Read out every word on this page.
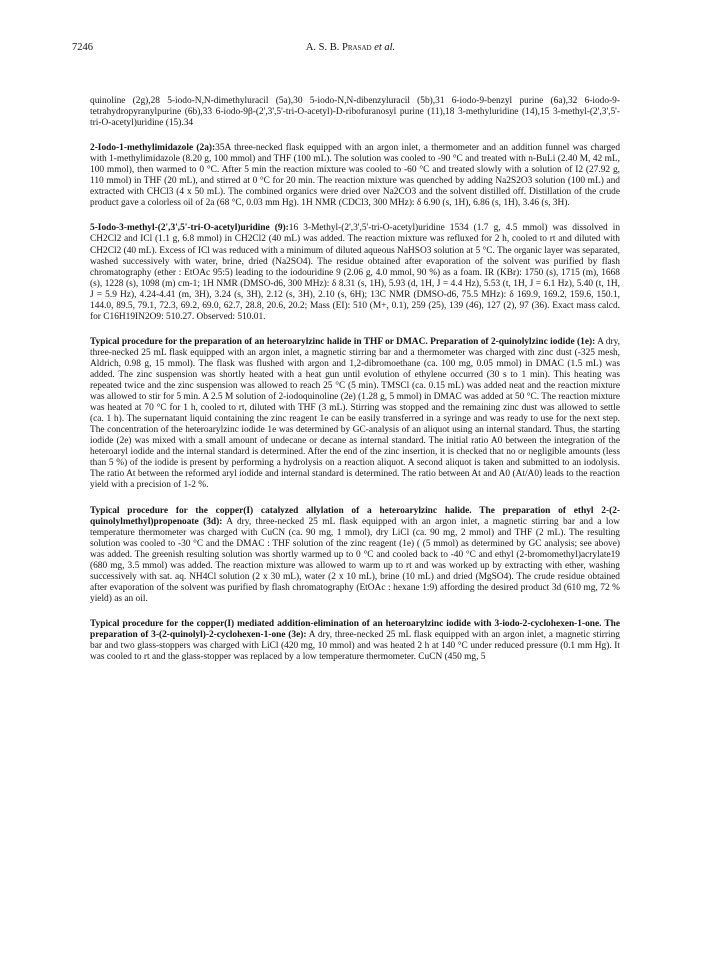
7246	A. S. B. Prasad et al.

quinoline (2g),28 5-iodo-N,N-dimethyluracil (5a),30 5-iodo-N,N-dibenzyluracil (5b),31 6-iodo-9-benzyl purine (6a),32 6-iodo-9-tetrahydropyranylpurine (6b),33 6-iodo-9β-(2',3',5'-tri-O-acetyl)-D-ribofuranosyl purine (11),18 3-methyluridine (14),15 3-methyl-(2',3',5'-tri-O-acetyl)uridine (15).34

2-Iodo-1-methylimidazole (2a):35A three-necked flask equipped with an argon inlet, a thermometer and an addition funnel was charged with 1-methylimidazole (8.20 g, 100 mmol) and THF (100 mL). The solution was cooled to -90 °C and treated with n-BuLi (2.40 M, 42 mL, 100 mmol), then warmed to 0 °C. After 5 min the reaction mixture was cooled to -60 °C and treated slowly with a solution of I2 (27.92 g, 110 mmol) in THF (20 mL), and stirred at 0 °C for 20 min. The reaction mixture was quenched by adding Na2S2O3 solution (100 mL) and extracted with CHCl3 (4 x 50 mL). The combined organics were dried over Na2CO3 and the solvent distilled off. Distillation of the crude product gave a colorless oil of 2a (68 °C, 0.03 mm Hg). 1H NMR (CDCl3, 300 MHz): δ 6.90 (s, 1H), 6.86 (s, 1H), 3.46 (s, 3H).

5-Iodo-3-methyl-(2',3',5'-tri-O-acetyl)uridine (9):16 3-Methyl-(2',3',5'-tri-O-acetyl)uridine 1534 (1.7 g, 4.5 mmol) was dissolved in CH2Cl2 and ICl (1.1 g, 6.8 mmol) in CH2Cl2 (40 mL) was added. The reaction mixture was refluxed for 2 h, cooled to rt and diluted with CH2Cl2 (40 mL). Excess of ICl was reduced with a minimum of diluted aqueous NaHSO3 solution at 5 °C. The organic layer was separated, washed successively with water, brine, dried (Na2SO4). The residue obtained after evaporation of the solvent was purified by flash chromatography (ether : EtOAc 95:5) leading to the iodouridine 9 (2.06 g, 4.0 mmol, 90 %) as a foam. IR (KBr): 1750 (s), 1715 (m), 1668 (s), 1228 (s), 1098 (m) cm-1; 1H NMR (DMSO-d6, 300 MHz): δ 8.31 (s, 1H), 5.93 (d, 1H, J = 4.4 Hz), 5.53 (t, 1H, J = 6.1 Hz), 5.40 (t, 1H, J = 5.9 Hz), 4.24-4.41 (m, 3H), 3.24 (s, 3H), 2.12 (s, 3H), 2.10 (s, 6H); 13C NMR (DMSO-d6, 75.5 MHz): δ 169.9, 169.2, 159.6, 150.1, 144.0, 89.5, 79.1, 72.3, 69.2, 69.0, 62.7, 28.8, 20.6, 20.2; Mass (EI): 510 (M+, 0.1), 259 (25), 139 (46), 127 (2), 97 (36). Exact mass calcd. for C16H19IN2O9: 510.27. Observed: 510.01.

Typical procedure for the preparation of an heteroarylzinc halide in THF or DMAC. Preparation of 2-quinolylzinc iodide (1e): A dry, three-necked 25 mL flask equipped with an argon inlet, a magnetic stirring bar and a thermometer was charged with zinc dust (-325 mesh, Aldrich, 0.98 g, 15 mmol). The flask was flushed with argon and 1,2-dibromoethane (ca. 100 mg, 0.05 mmol) in DMAC (1.5 mL) was added. The zinc suspension was shortly heated with a heat gun until evolution of ethylene occurred (30 s to 1 min). This heating was repeated twice and the zinc suspension was allowed to reach 25 °C (5 min). TMSCl (ca. 0.15 mL) was added neat and the reaction mixture was allowed to stir for 5 min. A 2.5 M solution of 2-iodoquinoline (2e) (1.28 g, 5 mmol) in DMAC was added at 50 °C. The reaction mixture was heated at 70 °C for 1 h, cooled to rt, diluted with THF (3 mL). Stirring was stopped and the remaining zinc dust was allowed to settle (ca. 1 h). The supernatant liquid containing the zinc reagent 1e can be easily transferred in a syringe and was ready to use for the next step. The concentration of the heteroarylzinc iodide 1e was determined by GC-analysis of an aliquot using an internal standard. Thus, the starting iodide (2e) was mixed with a small amount of undecane or decane as internal standard. The initial ratio A0 between the integration of the heteroaryl iodide and the internal standard is determined. After the end of the zinc insertion, it is checked that no or negligible amounts (less than 5 %) of the iodide is present by performing a hydrolysis on a reaction aliquot. A second aliquot is taken and submitted to an iodolysis. The ratio At between the reformed aryl iodide and internal standard is determined. The ratio between At and A0 (At/A0) leads to the reaction yield with a precision of 1-2 %.

Typical procedure for the copper(I) catalyzed allylation of a heteroarylzinc halide. The preparation of ethyl 2-(2-quinolylmethyl)propenoate (3d): A dry, three-necked 25 mL flask equipped with an argon inlet, a magnetic stirring bar and a low temperature thermometer was charged with CuCN (ca. 90 mg, 1 mmol), dry LiCl (ca. 90 mg, 2 mmol) and THF (2 mL). The resulting solution was cooled to -30 °C and the DMAC : THF solution of the zinc reagent (1e) ( (5 mmol) as determined by GC analysis; see above) was added. The greenish resulting solution was shortly warmed up to 0 °C and cooled back to -40 °C and ethyl (2-bromomethyl)acrylate19 (680 mg, 3.5 mmol) was added. The reaction mixture was allowed to warm up to rt and was worked up by extracting with ether, washing successively with sat. aq. NH4Cl solution (2 x 30 mL), water (2 x 10 mL), brine (10 mL) and dried (MgSO4). The crude residue obtained after evaporation of the solvent was purified by flash chromatography (EtOAc : hexane 1:9) affording the desired product 3d (610 mg, 72 % yield) as an oil.

Typical procedure for the copper(I) mediated addition-elimination of an heteroarylzinc iodide with 3-iodo-2-cyclohexen-1-one. The preparation of 3-(2-quinolyl)-2-cyclohexen-1-one (3e): A dry, three-necked 25 mL flask equipped with an argon inlet, a magnetic stirring bar and two glass-stoppers was charged with LiCl (420 mg, 10 mmol) and was heated 2 h at 140 °C under reduced pressure (0.1 mm Hg). It was cooled to rt and the glass-stopper was replaced by a low temperature thermometer. CuCN (450 mg, 5
